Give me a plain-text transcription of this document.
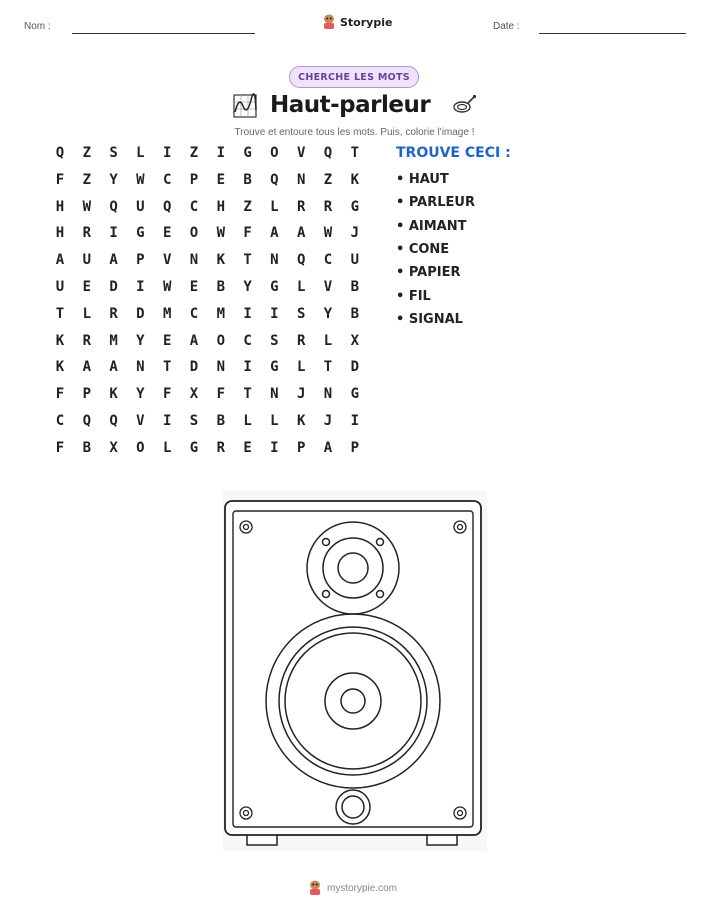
Nom :	Storypie	Date :
CHERCHE LES MOTS
Haut-parleur
Trouve et entoure tous les mots. Puis, colorie l'image !
Q	Z	S	L	I	Z	I	G	O	V	Q	T
F	Z	Y	W	C	P	E	B	Q	N	Z	K
H	W	Q	U	Q	C	H	Z	L	R	R	G
H	R	I	G	E	O	W	F	A	A	W	J
A	U	A	P	V	N	K	T	N	Q	C	U
U	E	D	I	W	E	B	Y	G	L	V	B
T	L	R	D	M	C	M	I	I	S	Y	B
K	R	M	Y	E	A	O	C	S	R	L	X
K	A	A	N	T	D	N	I	G	L	T	D
F	P	K	Y	F	X	F	T	N	J	N	G
C	Q	Q	V	I	S	B	L	L	K	J	I
F	B	X	O	L	G	R	E	I	P	A	P
TROUVE CECI :
• HAUT
• PARLEUR
• AIMANT
• CONE
• PAPIER
• FIL
• SIGNAL
mystorypie.com
